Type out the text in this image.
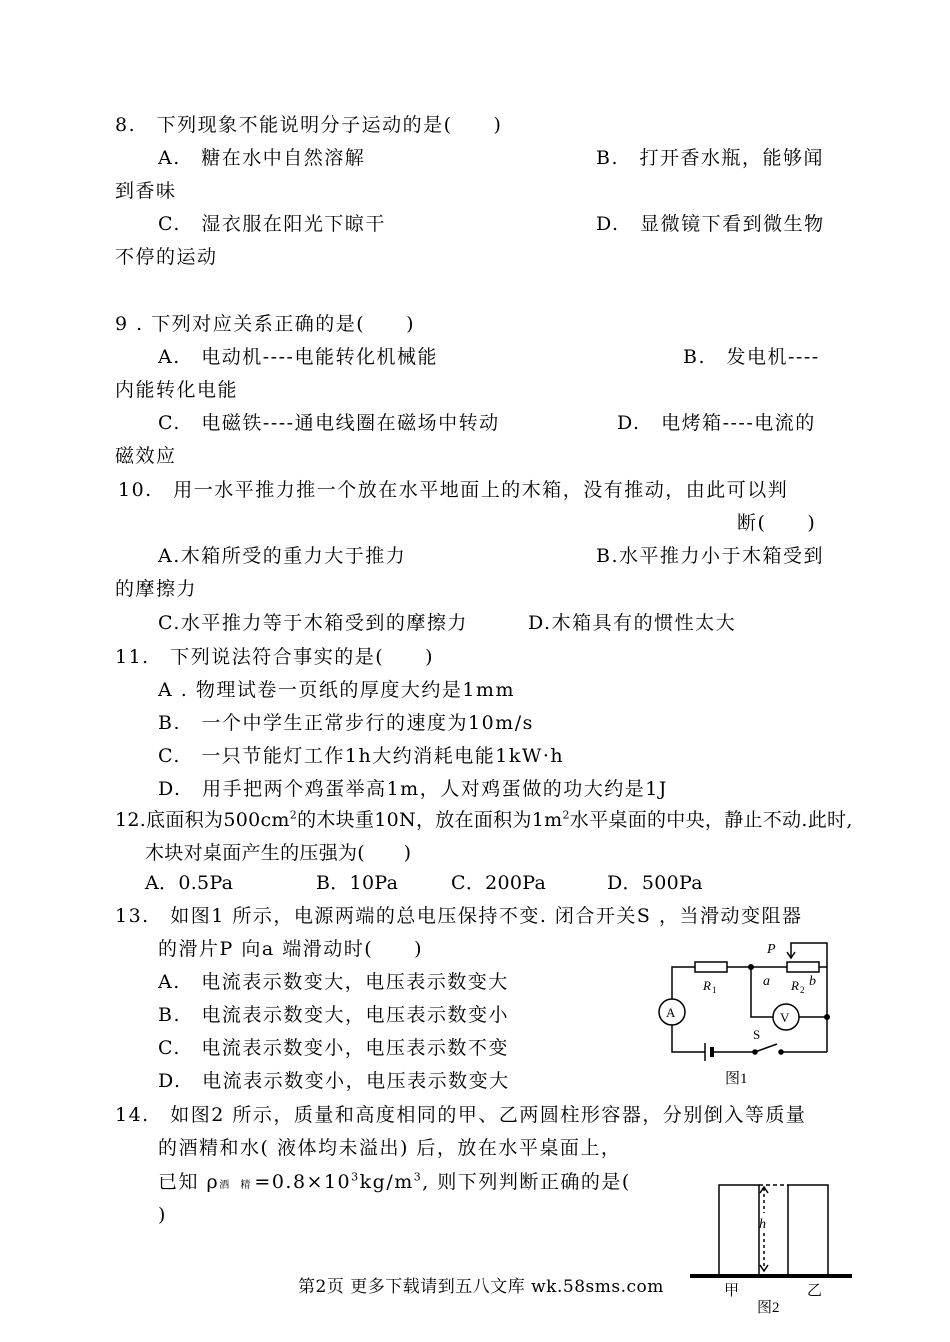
8.　下列现象不能说明分子运动的是(　　)
A.　糖在水中自然溶解	B.　打开香水瓶，能够闻
到香味
C.　湿衣服在阳光下晾干	D.　显微镜下看到微生物
不停的运动
9 . 下列对应关系正确的是(　　)
A.　电动机----电能转化机械能	B.　发电机----
内能转化电能
C.　电磁铁----通电线圈在磁场中转动	D.　电烤箱----电流的
磁效应
10.　用一水平推力推一个放在水平地面上的木箱，没有推动，由此可以判
断(　　)
A.木箱所受的重力大于推力	B.水平推力小于木箱受到
的摩擦力
C.水平推力等于木箱受到的摩擦力	D.木箱具有的惯性太大
11.　下列说法符合事实的是(　　)
A . 物理试卷一页纸的厚度大约是1mm
B.　一个中学生正常步行的速度为10m/s
C.　一只节能灯工作1h大约消耗电能1kW·h
D.　用手把两个鸡蛋举高1m，人对鸡蛋做的功大约是1J
12.底面积为$500cm^2$的木块重10N，放在面积为$1m^2$水平桌面的中央，静止不动.此时,
木块对桌面产生的压强为(　　)
A．0.5Pa	B．10Pa	C．200Pa	D．500Pa
13.　如图1 所示，电源两端的总电压保持不变. 闭合开关S ，当滑动变阻器
的滑片P 向a 端滑动时(　　)
A.　电流表示数变大，电压表示数变大
B.　电流表示数变大，电压表示数变小
C.　电流表示数变小，电压表示数不变
D.　电流表示数变小，电压表示数变大
P
R 1
a R 2
b
A	V
S
图1
14.　如图2 所示，质量和高度相同的甲、乙两圆柱形容器，分别倒入等质量
的酒精和水( 液体均未溢出) 后，放在水平桌面上，
已知 ρ酒 精$=0.8\times 10^3kg/m^3$, 则下列判断正确的是(
)	h
甲	乙
图2
第2页 更多下载请到五八文库 wk.58sms.com
